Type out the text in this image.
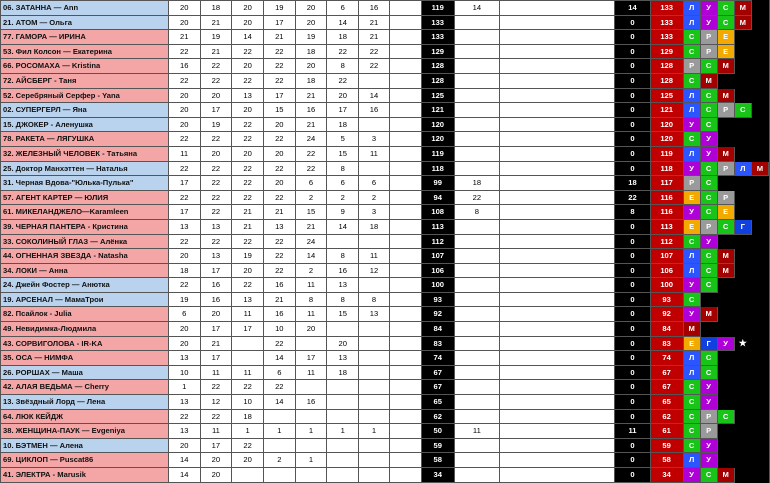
06. ЗАТАННА — Ann	20	18	20	19	20	6	16		119	14		14	133	Л	У	С	М		
21. АТОМ — Ольга	20	21	20	17	20	14	21		133			0	133	Л	У	С	М		
77. ГАМОРА — ИРИНА	21	19	14	21	19	18	21		133			0	133	С	Р	Е			
53. Фил Колсон — Екатерина	22	21	22	22	18	22	22		129			0	129	С	Р	Е			
66. РОСОМАХА — Kristina	16	22	20	22	20	8	22		128			0	128	Р	С	М			
72. АЙСБЕРГ - Таня	22	22	22	22	18	22			128			0	128	С	М				
52. Серебряный Серфер - Yana	20	20	13	17	21	20	14		125			0	125	Л	С	М			
02. СУПЕРГЕРЛ — Яна	20	17	20	15	16	17	16		121			0	121	Л	С	Р	С		
15. ДЖОКЕР - Аленушка	20	19	22	20	21	18			120			0	120	У	С				
78. РАКЕТА — ЛЯГУШКА	22	22	22	22	24	5	3		120			0	120	С	У				
32. ЖЕЛЕЗНЫЙ ЧЕЛОВЕК - Татьяна	11	20	20	20	22	15	11		119			0	119	Л	У	М			
25. Доктор Манхэттен — Наталья	22	22	22	22	22	8			118			0	118	У	С	Р	Л	М	
31. Черная Вдова-"Юлька-Пулька"	17	22	22	20	6	6	6		99	18		18	117	Р	С				
57. АГЕНТ КАРТЕР — ЮЛИЯ	22	22	22	22	2	2	2		94	22		22	116	Е	С	Р			
61. МИКЕЛАНДЖЕЛО—Karamleen	17	22	21	21	15	9	3		108	8		8	116	У	С	Е			
39. ЧЕРНАЯ ПАНТЕРА - Кристина	13	13	21	13	21	14	18		113			0	113	Е	Р	С	Г		
33. СОКОЛИНЫЙ ГЛАЗ — Алёнка	22	22	22	22	24				112			0	112	С	У				
44. ОГНЕННАЯ ЗВЕЗДА - Natasha	20	13	19	22	14	8	11		107			0	107	Л	С	М			
34. ЛОКИ — Анна	18	17	20	22	2	16	12		106			0	106	Л	С	М			
24. Джейн Фостер — Анютка	22	16	22	16	11	13			100			0	100	У	С				
19. АРСЕНАЛ — МамаТрои	19	16	13	21	8	8	8		93			0	93	С					
82. Псайлок - Julia	6	20	11	16	11	15	13		92			0	92	У	М				
49. Невидимка-Людмила	20	17	17	10	20				84			0	84	М					
43. СОРВИГОЛОВА - IR-KA	20	21		22		20			83			0	83	Е	Г	У	★		
35. ОСА — НИМФА	13	17		14	17	13			74			0	74	Л	С				
26. РОРШАХ — Маша	10	11	11	6	11	18			67			0	67	Л	С				
42. АЛАЯ ВЕДЬМА — Cherry	1	22	22	22					67			0	67	С	У				
13. Звёздный Лорд — Лена	13	12	10	14	16				65			0	65	С	У				
64. ЛЮК КЕЙДЖ	22	22	18						62			0	62	С	Р	С			
38. ЖЕНЩИНА-ПАУК — Evgeniya	13	11	1	1	1	1	1		50	11		11	61	С	Р				
10. БЭТМЕН — Алена	20	17	22						59			0	59	С	У				
69. ЦИКЛОП — Puscat86	14	20	20	2	1				58			0	58	Л	У				
41. ЭЛЕКТРА - Marusik	14	20							34			0	34	У	С	М			
